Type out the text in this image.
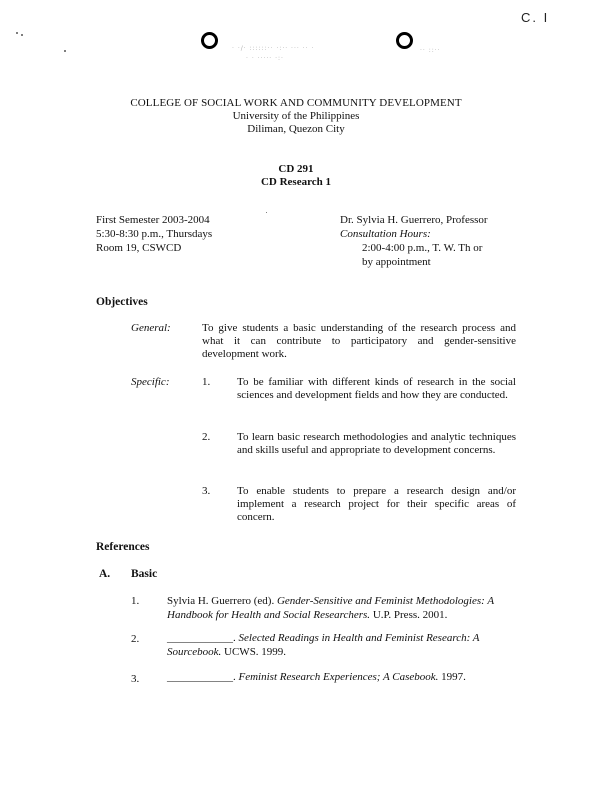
C. I
· ·/· ::::::·· ·:·· ··· ·· ·
· · ····· ·:·
·· ::··
COLLEGE OF SOCIAL WORK AND COMMUNITY DEVELOPMENT
University of the Philippines
Diliman, Quezon City
CD 291
CD Research 1
First Semester 2003-2004
5:30-8:30 p.m., Thursdays
Room 19, CSWCD
Dr. Sylvia H. Guerrero, Professor
Consultation Hours:
2:00-4:00 p.m., T. W. Th or
by appointment
Objectives
General:	To give students a basic understanding of the research process and what it can contribute to participatory and gender-sensitive development work.
Specific:	1. To be familiar with different kinds of research in the social sciences and development fields and how they are conducted.
2. To learn basic research methodologies and analytic techniques and skills useful and appropriate to development concerns.
3. To enable students to prepare a research design and/or implement a research project for their specific areas of concern.
References
A. Basic
1.	Sylvia H. Guerrero (ed). Gender-Sensitive and Feminist Methodologies: A Handbook for Health and Social Researchers. U.P. Press. 2001.
2.	____________. Selected Readings in Health and Feminist Research: A Sourcebook. UCWS. 1999.
3.	____________. Feminist Research Experiences; A Casebook. 1997.
